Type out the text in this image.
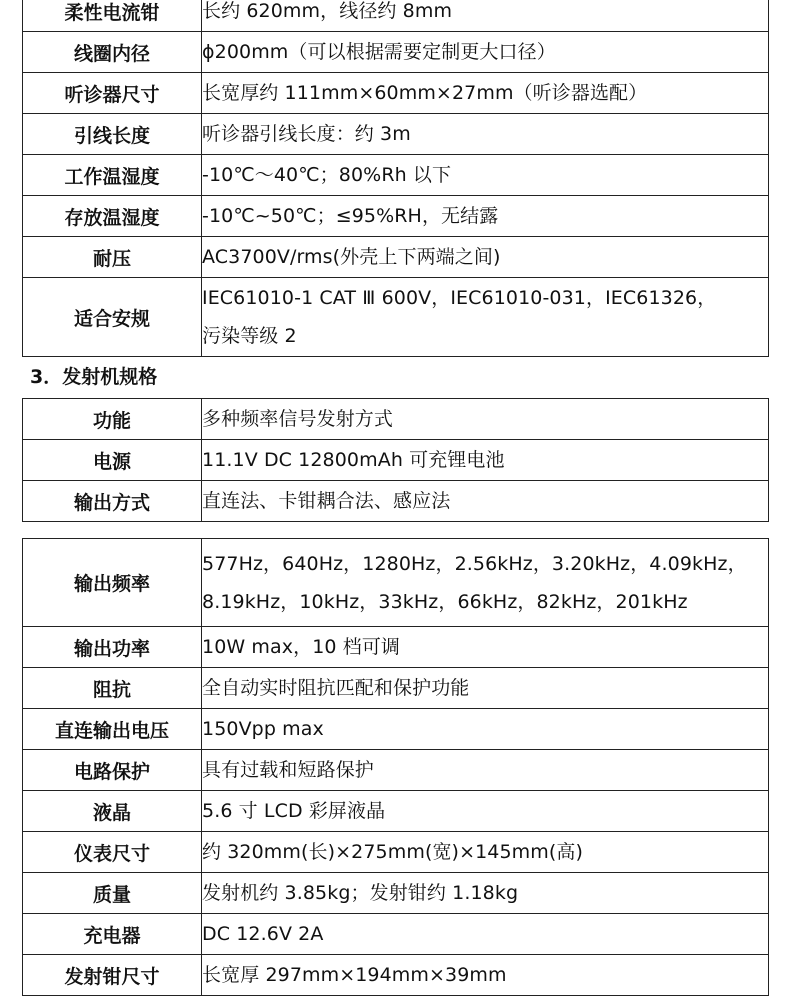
柔性电流钳	长约 620mm，线径约 8mm
线圈内径	ɸ200mm（可以根据需要定制更大口径）
听诊器尺寸	长宽厚约 111mm×60mm×27mm（听诊器选配）
引线长度	听诊器引线长度：约 3m
工作温湿度	-10℃～40℃；80%Rh 以下
存放温湿度	-10℃~50℃；≤95%RH，无结露
耐压	AC3700V/rms(外壳上下两端之间)
适合安规	IEC61010-1 CAT Ⅲ 600V，IEC61010-031，IEC61326，
污染等级 2
3．发射机规格
功能	多种频率信号发射方式
电源	11.1V DC 12800mAh 可充锂电池
输出方式	直连法、卡钳耦合法、感应法
输出频率	577Hz，640Hz，1280Hz，2.56kHz，3.20kHz，4.09kHz，
8.19kHz，10kHz，33kHz，66kHz，82kHz，201kHz

输出功率	10W max，10 档可调
阻抗	全自动实时阻抗匹配和保护功能
直连输出电压	150Vpp max
电路保护	具有过载和短路保护
液晶	5.6 寸 LCD 彩屏液晶
仪表尺寸	约 320mm(长)×275mm(宽)×145mm(高)
质量	发射机约 3.85kg；发射钳约 1.18kg
充电器	DC 12.6V 2A
发射钳尺寸	长宽厚 297mm×194mm×39mm
